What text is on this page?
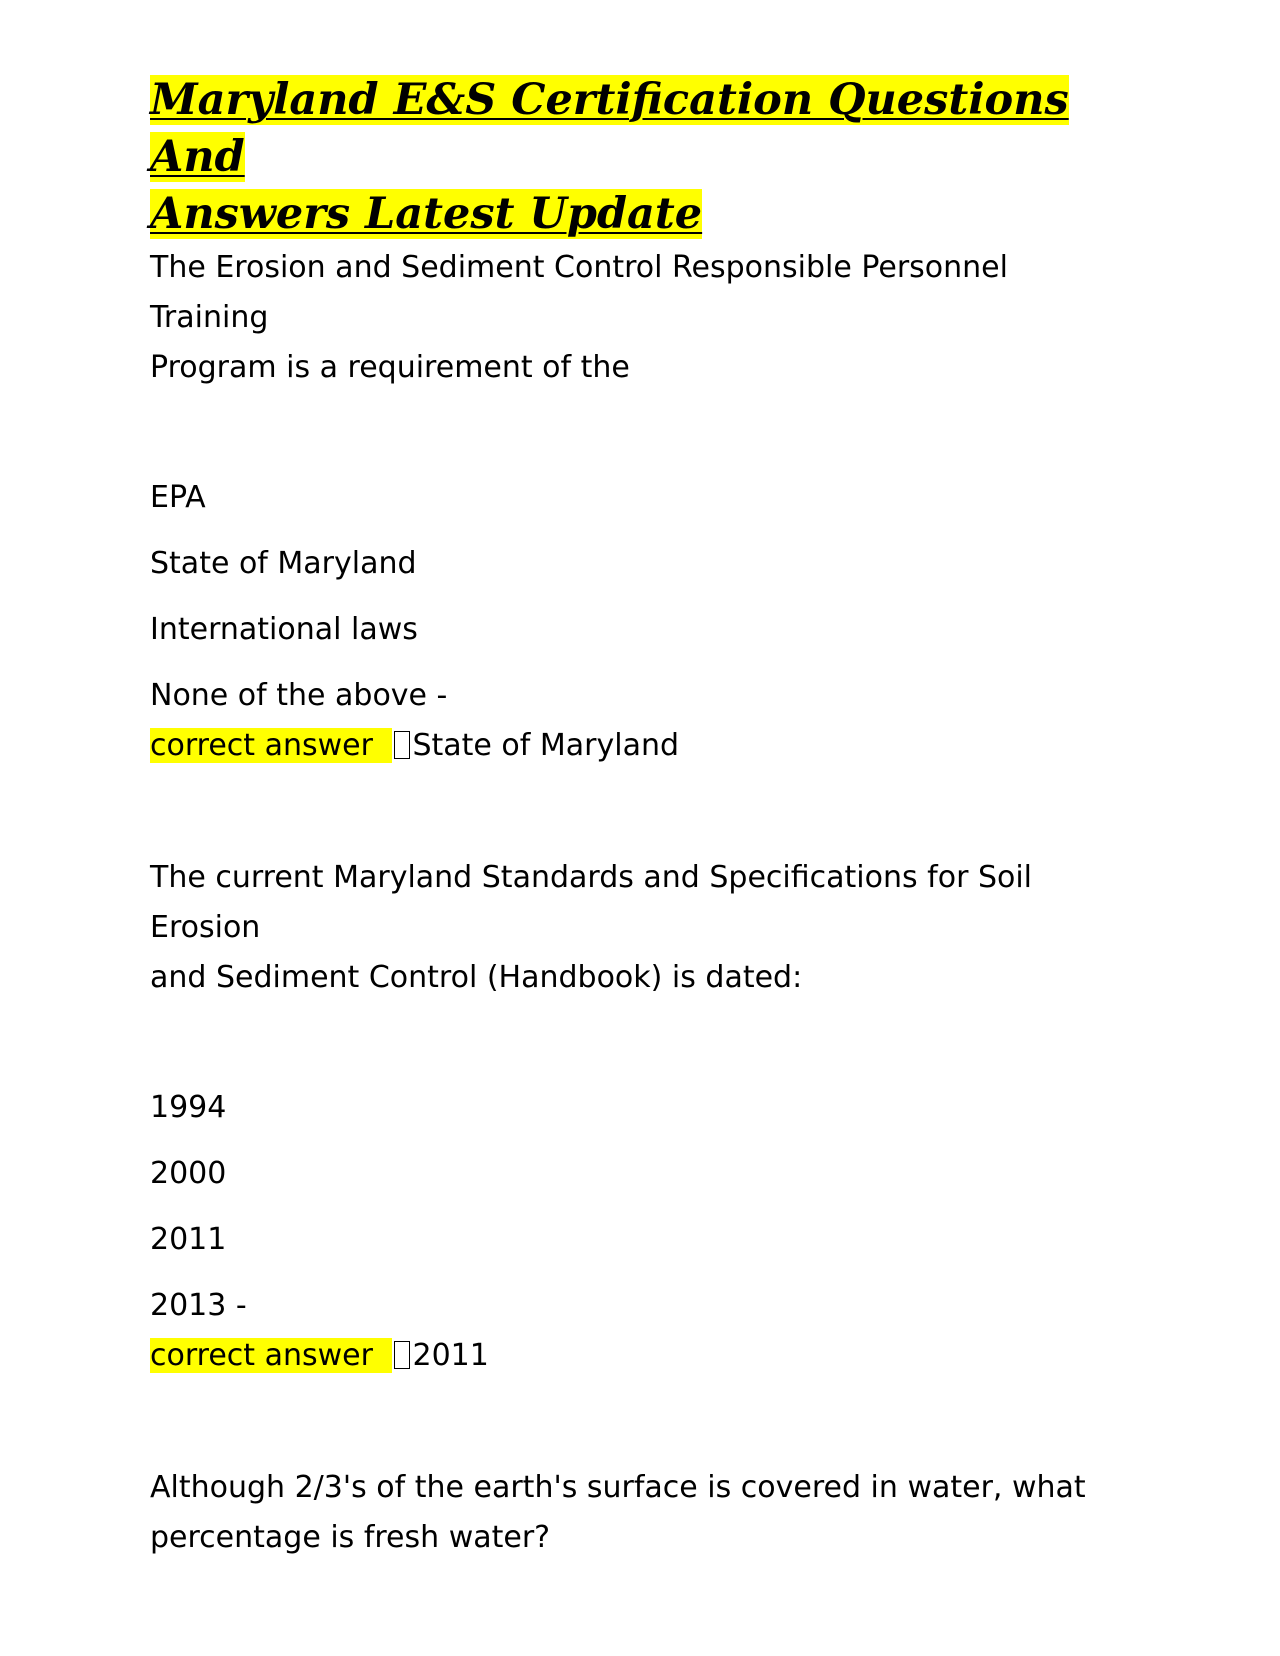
Maryland E&S Certification Questions And
Answers Latest Update

The Erosion and Sediment Control Responsible Personnel Training
Program is a requirement of the

EPA

State of Maryland

International laws

None of the above -

correct answer State of Maryland

The current Maryland Standards and Specifications for Soil Erosion
and Sediment Control (Handbook) is dated:

1994

2000

2011

2013 -

correct answer 2011

Although 2/3's of the earth's surface is covered in water, what
percentage is fresh water?
